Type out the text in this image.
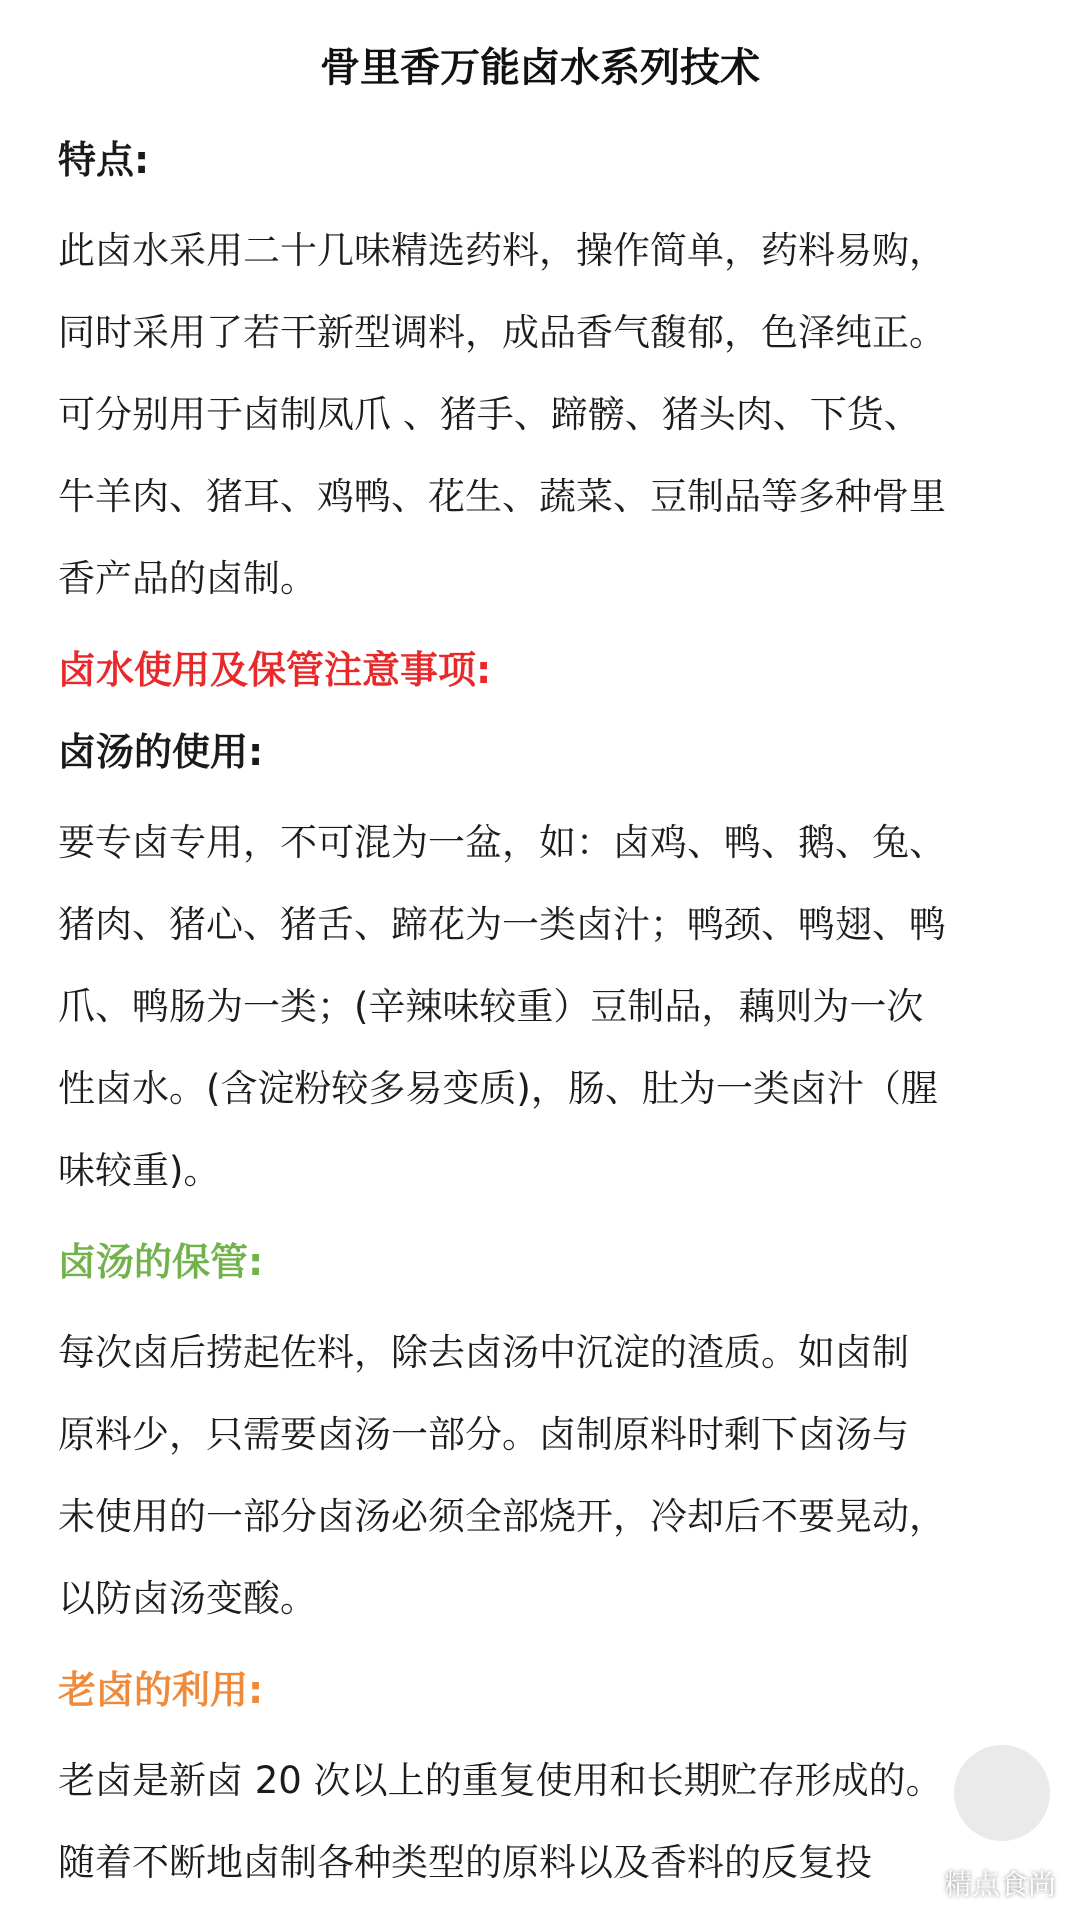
骨里香万能卤水系列技术
特点:
此卤水采用二十几味精选药料，操作简单，药料易购，
同时采用了若干新型调料，成品香气馥郁，色泽纯正。
可分别用于卤制凤爪 、猪手、蹄髈、猪头肉、下货、
牛羊肉、猪耳、鸡鸭、花生、蔬菜、豆制品等多种骨里
香产品的卤制。
卤水使用及保管注意事项:
卤汤的使用:
要专卤专用，不可混为一盆，如：卤鸡、鸭、鹅、兔、
猪肉、猪心、猪舌、蹄花为一类卤汁；鸭颈、鸭翅、鸭
爪、鸭肠为一类；(辛辣味较重）豆制品，藕则为一次
性卤水。(含淀粉较多易变质)，肠、肚为一类卤汁（腥
味较重)。
卤汤的保管:
每次卤后捞起佐料，除去卤汤中沉淀的渣质。如卤制
原料少，只需要卤汤一部分。卤制原料时剩下卤汤与
未使用的一部分卤汤必须全部烧开，冷却后不要晃动，
以防卤汤变酸。
老卤的利用:
老卤是新卤 20 次以上的重复使用和长期贮存形成的。
随着不断地卤制各种类型的原料以及香料的反复投
精点食尚
